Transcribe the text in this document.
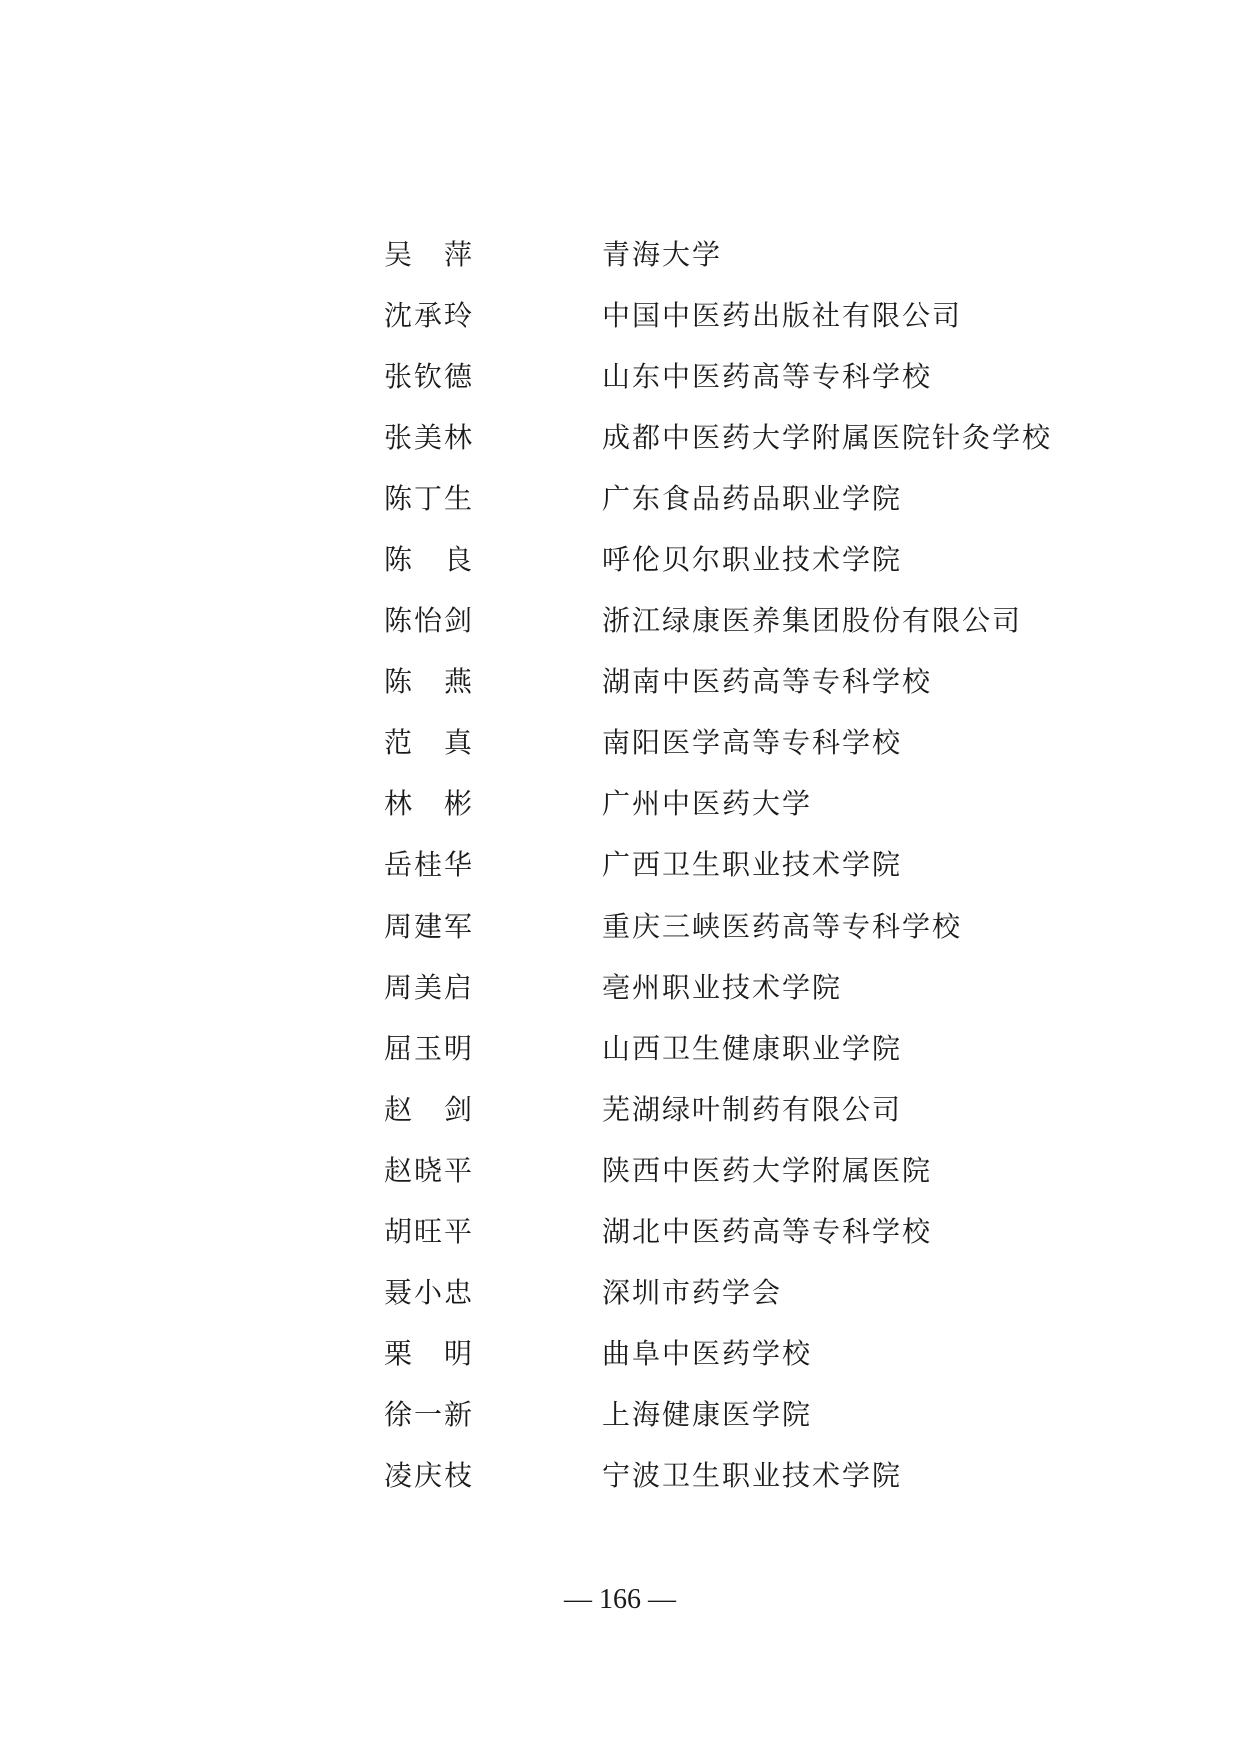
吴　萍	青海大学
沈承玲	中国中医药出版社有限公司
张钦德	山东中医药高等专科学校
张美林	成都中医药大学附属医院针灸学校
陈丁生	广东食品药品职业学院
陈　良	呼伦贝尔职业技术学院
陈怡剑	浙江绿康医养集团股份有限公司
陈　燕	湖南中医药高等专科学校
范　真	南阳医学高等专科学校
林　彬	广州中医药大学
岳桂华	广西卫生职业技术学院
周建军	重庆三峡医药高等专科学校
周美启	亳州职业技术学院
屈玉明	山西卫生健康职业学院
赵　剑	芜湖绿叶制药有限公司
赵晓平	陕西中医药大学附属医院
胡旺平	湖北中医药高等专科学校
聂小忠	深圳市药学会
栗　明	曲阜中医药学校
徐一新	上海健康医学院
凌庆枝	宁波卫生职业技术学院
— 166 —
